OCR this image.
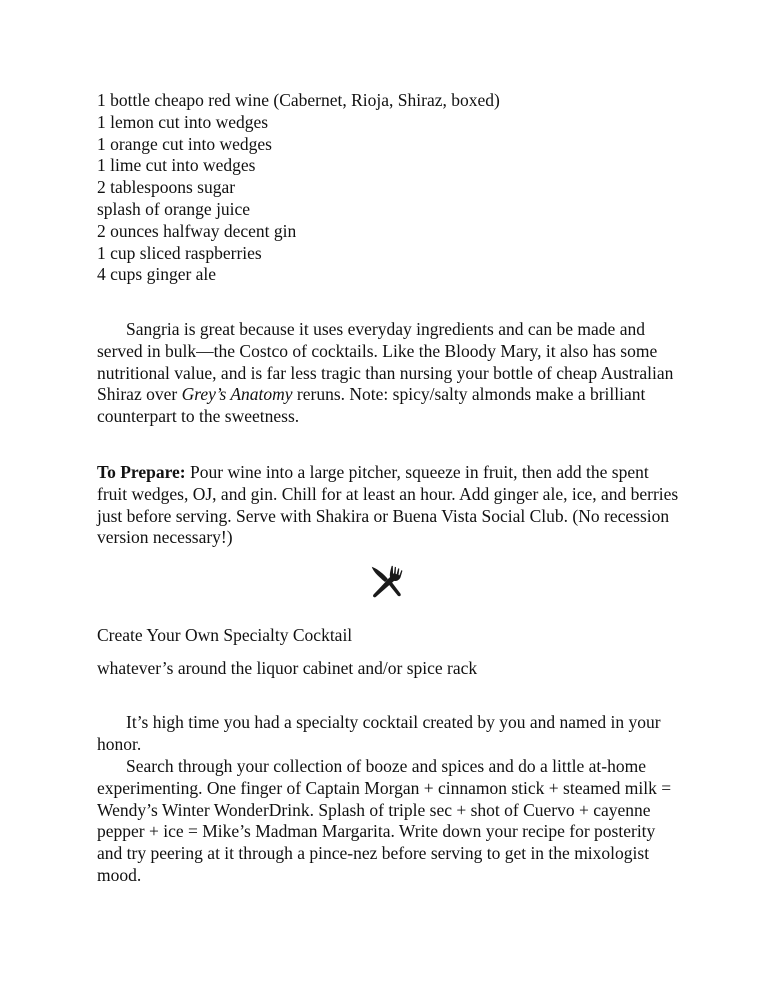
1 bottle cheapo red wine (Cabernet, Rioja, Shiraz, boxed)
1 lemon cut into wedges
1 orange cut into wedges
1 lime cut into wedges
2 tablespoons sugar
splash of orange juice
2 ounces halfway decent gin
1 cup sliced raspberries
4 cups ginger ale

Sangria is great because it uses everyday ingredients and can be made and served in bulk—the Costco of cocktails. Like the Bloody Mary, it also has some nutritional value, and is far less tragic than nursing your bottle of cheap Australian Shiraz over Grey’s Anatomy reruns. Note: spicy/salty almonds make a brilliant counterpart to the sweetness.

To Prepare: Pour wine into a large pitcher, squeeze in fruit, then add the spent fruit wedges, OJ, and gin. Chill for at least an hour. Add ginger ale, ice, and berries just before serving. Serve with Shakira or Buena Vista Social Club. (No recession version necessary!)

Create Your Own Specialty Cocktail

whatever’s around the liquor cabinet and/or spice rack

It’s high time you had a specialty cocktail created by you and named in your honor.

Search through your collection of booze and spices and do a little at-home experimenting. One finger of Captain Morgan + cinnamon stick + steamed milk = Wendy’s Winter WonderDrink. Splash of triple sec + shot of Cuervo + cayenne pepper + ice = Mike’s Madman Margarita. Write down your recipe for posterity and try peering at it through a pince-nez before serving to get in the mixologist mood.
